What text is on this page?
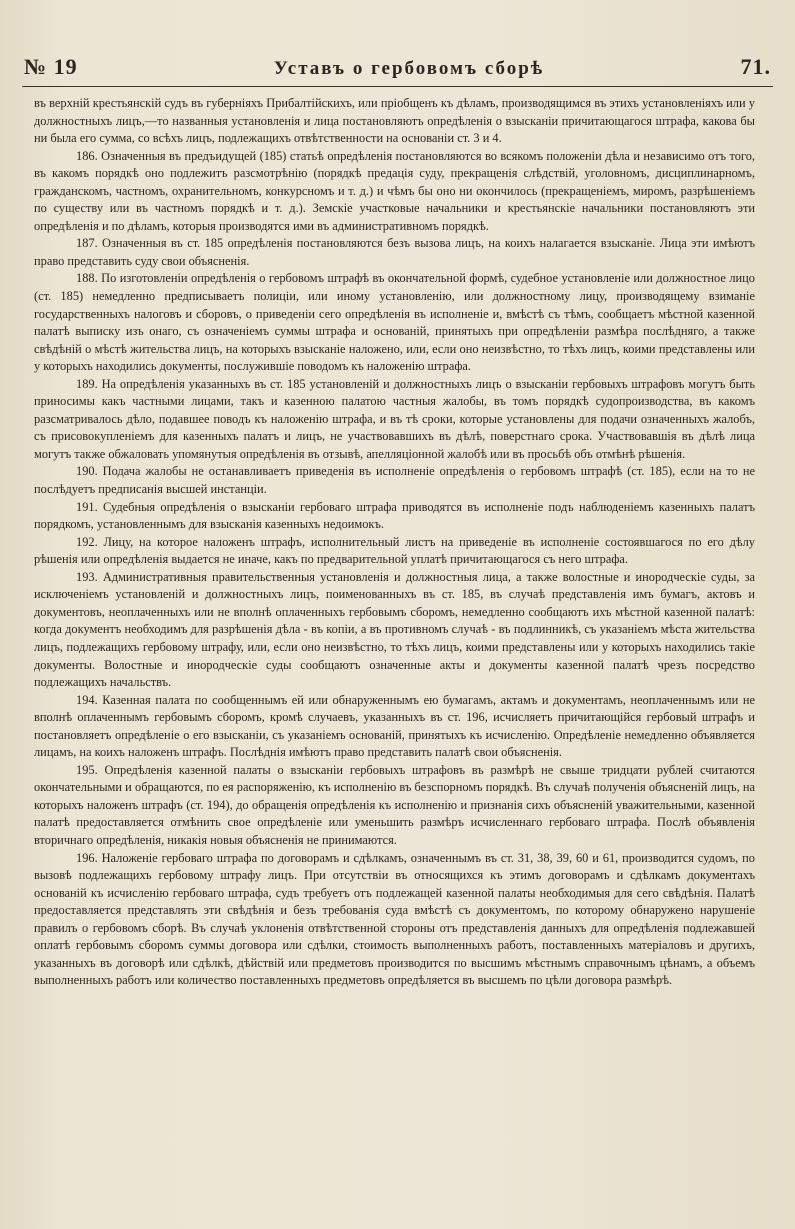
№ 19	Уставъ о гербовомъ сборѣ	71.

въ верхній крестьянскій судъ въ губерніяхъ Прибалтійскихъ, или пріобщенъ къ дѣламъ, производящимся въ этихъ установленіяхъ или у должностныхъ лицъ,—то названныя установленія и лица постановляютъ опредѣленія о взысканіи причитающагося штрафа, какова бы ни была его сумма, со всѣхъ лицъ, подлежащихъ отвѣтственности на основаніи ст. 3 и 4.

186. Означенныя въ предъидущей (185) статьѣ опредѣленія постановляются во всякомъ положеніи дѣла и независимо отъ того, въ какомъ порядкѣ оно подлежитъ разсмотрѣнію (порядкѣ предація суду, прекращенія слѣдствій, уголовномъ, дисциплинарномъ, гражданскомъ, частномъ, охранительномъ, конкурсномъ и т. д.) и чѣмъ бы оно ни окончилось (прекращеніемъ, миромъ, разрѣшеніемъ по существу или въ частномъ порядкѣ и т. д.). Земскіе участковые начальники и крестьянскіе начальники постановляютъ эти опредѣленія и по дѣламъ, которыя производятся ими въ административномъ порядкѣ.

187. Означенныя въ ст. 185 опредѣленія постановляются безъ вызова лицъ, на коихъ налагается взысканіе. Лица эти имѣютъ право представить суду свои объясненія.

188. По изготовленіи опредѣленія о гербовомъ штрафѣ въ окончательной формѣ, судебное установленіе или должностное лицо (ст. 185) немедленно предписываетъ полиціи, или иному установленію, или должностному лицу, производящему взиманіе государственныхъ налоговъ и сборовъ, о приведеніи сего опредѣленія въ исполненіе и, вмѣстѣ съ тѣмъ, сообщаетъ мѣстной казенной палатѣ выписку изъ онаго, съ означеніемъ суммы штрафа и основаній, принятыхъ при опредѣленіи размѣра послѣдняго, а также свѣдѣній о мѣстѣ жительства лицъ, на которыхъ взысканіе наложено, или, если оно неизвѣстно, то тѣхъ лицъ, коими представлены или у которыхъ находились документы, послужившіе поводомъ къ наложенію штрафа.

189. На опредѣленія указанныхъ въ ст. 185 установленій и должностныхъ лицъ о взысканіи гербовыхъ штрафовъ могутъ быть приносимы какъ частными лицами, такъ и казенною палатою частныя жалобы, въ томъ порядкѣ судопроизводства, въ какомъ разсматривалось дѣло, подавшее поводъ къ наложенію штрафа, и въ тѣ сроки, которые установлены для подачи означенныхъ жалобъ, съ присовокупленіемъ для казенныхъ палатъ и лицъ, не участвовавшихъ въ дѣлѣ, поверстнаго срока. Участвовавшія въ дѣлѣ лица могутъ также обжаловать упомянутыя опредѣленія въ отзывѣ, апелляціонной жалобѣ или въ просьбѣ объ отмѣнѣ рѣшенія.

190. Подача жалобы не останавливаетъ приведенія въ исполненіе опредѣленія о гербовомъ штрафѣ (ст. 185), если на то не послѣдуетъ предписанія высшей инстанціи.

191. Судебныя опредѣленія о взысканіи гербоваго штрафа приводятся въ исполненіе подъ наблюденіемъ казенныхъ палатъ порядкомъ, установленнымъ для взысканія казенныхъ недоимокъ.

192. Лицу, на которое наложенъ штрафъ, исполнительный листъ на приведеніе въ исполненіе состоявшагося по его дѣлу рѣшенія или опредѣленія выдается не иначе, какъ по предварительной уплатѣ причитающагося съ него штрафа.

193. Административныя правительственныя установленія и должностныя лица, а также волостные и инородческіе суды, за исключеніемъ установленій и должностныхъ лицъ, поименованныхъ въ ст. 185, въ случаѣ представленія имъ бумагъ, актовъ и документовъ, неоплаченныхъ или не вполнѣ оплаченныхъ гербовымъ сборомъ, немедленно сообщаютъ ихъ мѣстной казенной палатѣ: когда документъ необходимъ для разрѣшенія дѣла - въ копіи, а въ противномъ случаѣ - въ подлинникѣ, съ указаніемъ мѣста жительства лицъ, подлежащихъ гербовому штрафу, или, если оно неизвѣстно, то тѣхъ лицъ, коими представлены или у которыхъ находились такіе документы. Волостные и инородческіе суды сообщаютъ означенные акты и документы казенной палатѣ чрезъ посредство подлежащихъ начальствъ.

194. Казенная палата по сообщеннымъ ей или обнаруженнымъ ею бумагамъ, актамъ и документамъ, неоплаченнымъ или не вполнѣ оплаченнымъ гербовымъ сборомъ, кромѣ случаевъ, указанныхъ въ ст. 196, исчисляетъ причитающійся гербовый штрафъ и постановляетъ опредѣленіе о его взысканіи, съ указаніемъ основаній, принятыхъ къ исчисленію. Опредѣленіе немедленно объявляется лицамъ, на коихъ наложенъ штрафъ. Послѣднія имѣютъ право представить палатѣ свои объясненія.

195. Опредѣленія казенной палаты о взысканіи гербовыхъ штрафовъ въ размѣрѣ не свыше тридцати рублей считаются окончательными и обращаются, по ея распоряженію, къ исполненію въ безспорномъ порядкѣ. Въ случаѣ полученія объясненій лицъ, на которыхъ наложенъ штрафъ (ст. 194), до обращенія опредѣленія къ исполненію и признанія сихъ объясненій уважительными, казенной палатѣ предоставляется отмѣнить свое опредѣленіе или уменьшить размѣръ исчисленнаго гербоваго штрафа. Послѣ объявленія вторичнаго опредѣленія, никакія новыя объясненія не принимаются.

196. Наложеніе гербоваго штрафа по договорамъ и сдѣлкамъ, означеннымъ въ ст. 31, 38, 39, 60 и 61, производится судомъ, по вызовѣ подлежащихъ гербовому штрафу лицъ. При отсутствіи въ относящихся къ этимъ договорамъ и сдѣлкамъ документахъ основаній къ исчисленію гербоваго штрафа, судъ требуетъ отъ подлежащей казенной палаты необходимыя для сего свѣдѣнія. Палатѣ предоставляется представлять эти свѣдѣнія и безъ требованія суда вмѣстѣ съ документомъ, по которому обнаружено нарушеніе правилъ о гербовомъ сборѣ. Въ случаѣ уклоненія отвѣтственной стороны отъ представленія данныхъ для опредѣленія подлежавшей оплатѣ гербовымъ сборомъ суммы договора или сдѣлки, стоимость выполненныхъ работъ, поставленныхъ матеріаловъ и другихъ, указанныхъ въ договорѣ или сдѣлкѣ, дѣйствій или предметовъ производится по высшимъ мѣстнымъ справочнымъ цѣнамъ, а объемъ выполненныхъ работъ или количество поставленныхъ предметовъ опредѣляется въ высшемъ по цѣли договора размѣрѣ.
